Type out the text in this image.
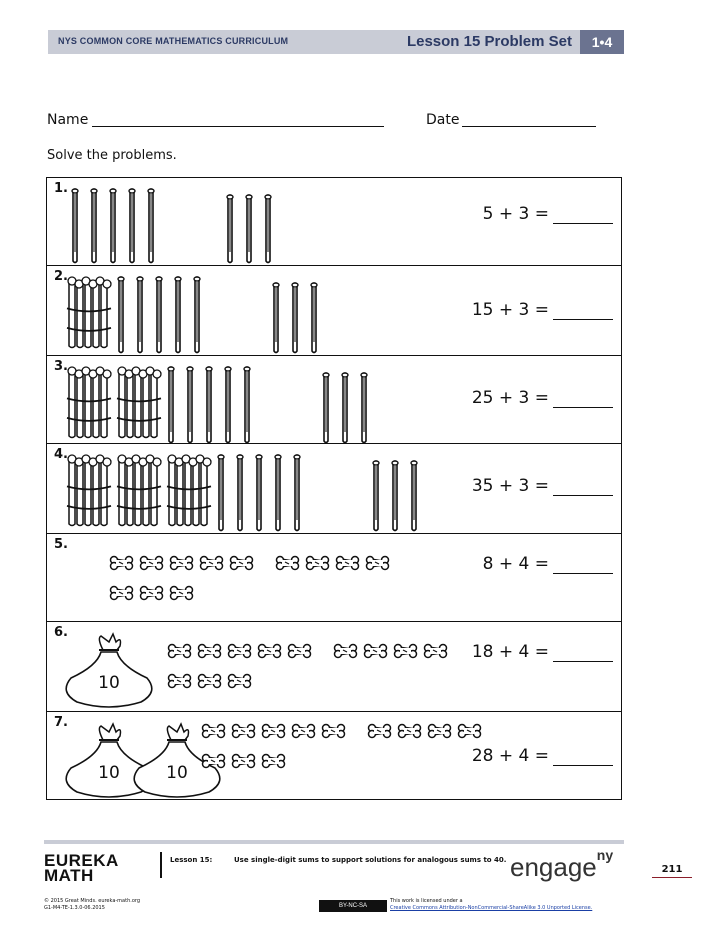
NYS COMMON CORE MATHEMATICS CURRICULUM	Lesson 15 Problem Set	1•4
Name	Date
Solve the problems.
1.
5 + 3 =
2.
15 + 3 =
3.
25 + 3 =
4.
35 + 3 =
5.
8 + 4 =
6.
10
18 + 4 =
7.
10	10
28 + 4 =
EUREKA
MATH
Lesson 15:	Use single-digit sums to support solutions for analogous sums to 40. engage$^{ny}$
211
© 2015 Great Minds. eureka-math.org
G1-M4-TE-1.3.0-06.2015	BY-NC-SA
This work is licensed under a
Creative Commons Attribution-NonCommercial-ShareAlike 3.0 Unported License.
